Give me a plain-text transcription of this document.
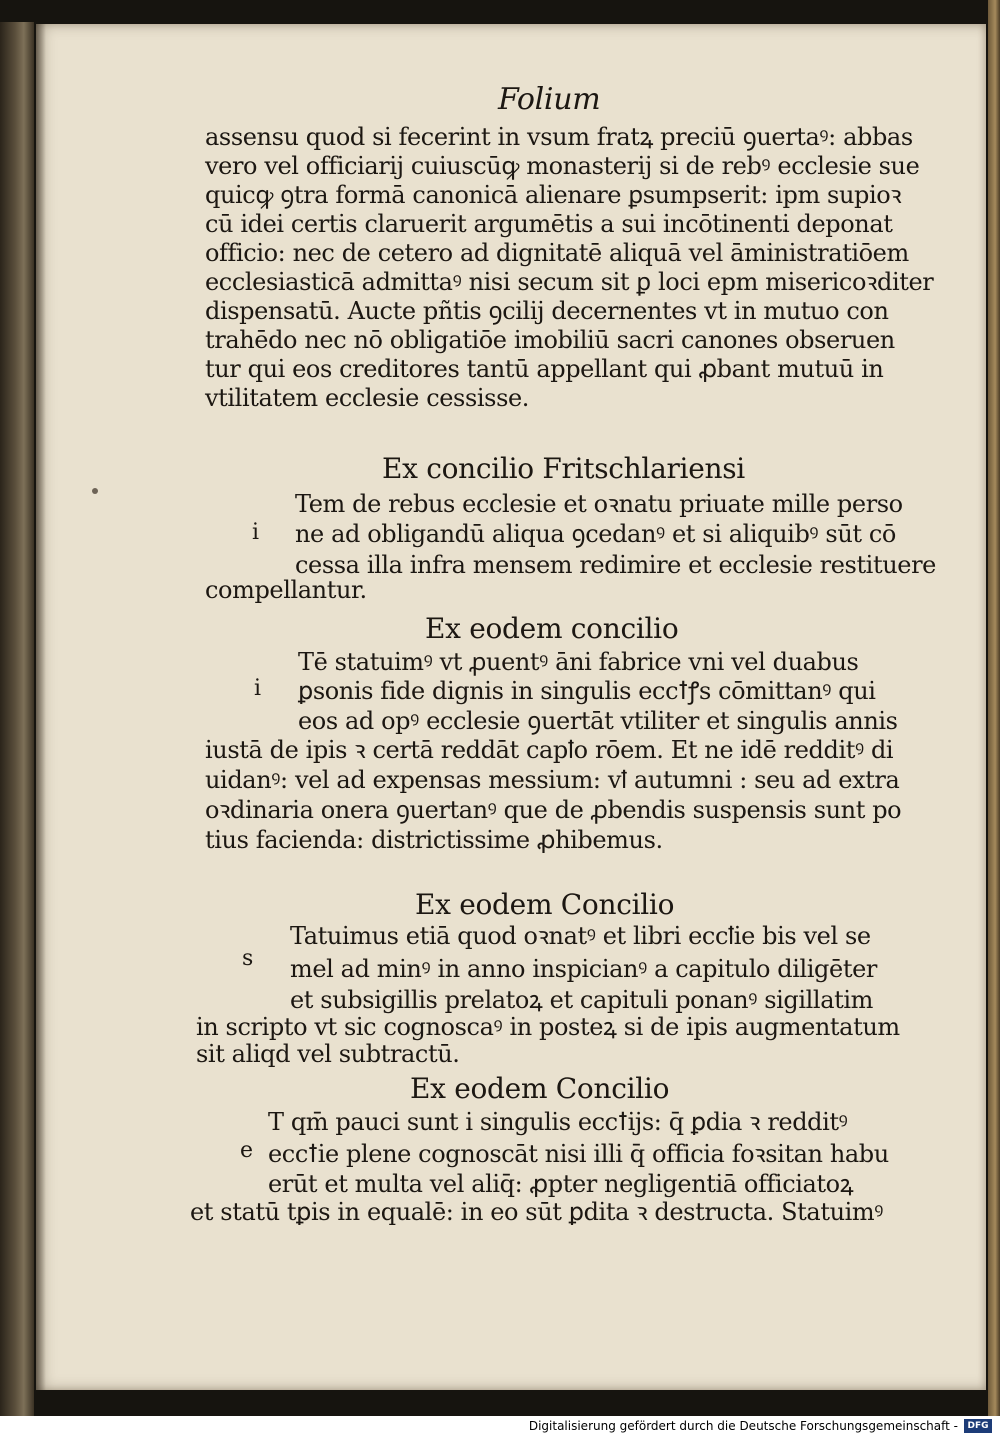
Folium
assensu quod si fecerint in vsum fratꝝ preciū ꝯuertaꝰ: abbas
vero vel officiarij cuiuscūꝙ monasterij si de rebꝰ ecclesie sue
quicꝙ ꝯtra formā canonicā alienare ꝑsumpserit: ipm supioꝛ
cū idei certis claruerit argumētis a sui incōtinenti deponat
officio: nec de cetero ad dignitatē aliquā vel āministratiōem
ecclesiasticā admittaꝰ nisi secum sit ꝑ loci epm misericoꝛditer
dispensatū. Aucte pñtis ꝯcilij decernentes vt in mutuo con
trahēdo nec nō obligatiōe imobiliū sacri canones obseruen
tur qui eos creditores tantū appellant qui ꝓbant mutuū in
vtilitatem ecclesie cessisse.
Ex concilio Fritschlariensi
i
Tem de rebus ecclesie et oꝛnatu priuate mille perso
ne ad obligandū aliqua ꝯcedanꝰ et si aliquibꝰ sūt cō
cessa illa infra mensem redimire et ecclesie restituere
compellantur.
Ex eodem concilio
i
Tē statuimꝰ vt ꝓuentꝰ āni fabrice vni vel duabus
ꝑsonis fide dignis in singulis eccꝉꝭs cōmittanꝰ qui
eos ad opꝰ ecclesie ꝯuertāt vtiliter et singulis annis
iustā de ipis ꝛ certā reddāt capꝉo rōem. Et ne idē redditꝰ di
uidanꝰ: vel ad expensas messium: vꝉ autumni : seu ad extra
oꝛdinaria onera ꝯuertanꝰ que de ꝓbendis suspensis sunt po
tius facienda: districtissime ꝓhibemus.
Ex eodem Concilio
s
Tatuimus etiā quod oꝛnatꝰ et libri eccꝉie bis vel se
mel ad minꝰ in anno inspicianꝰ a capitulo diligēter
et subsigillis prelatoꝝ et capituli ponanꝰ sigillatim
in scripto vt sic cognoscaꝰ in posteꝝ si de ipis augmentatum
sit aliqd vel subtractū.
Ex eodem Concilio
e
T qm̄ pauci sunt i singulis eccꝉijs: q̄ ꝑdia ꝛ redditꝰ
eccꝉie plene cognoscāt nisi illi q̄ officia foꝛsitan habu
erūt et multa vel aliq̄: ꝓpter negligentiā officiatoꝝ
et statū tꝑis in equalē: in eo sūt ꝑdita ꝛ destructa. Statuimꝰ
Digitalisierung gefördert durch die Deutsche Forschungsgemeinschaft -	DFG
